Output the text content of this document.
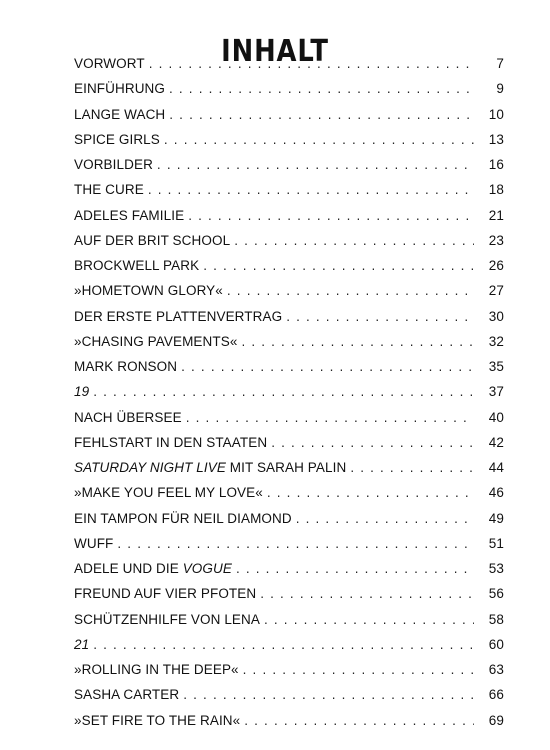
INHALT
VORWORT . . .	7
EINFÜHRUNG . . .	9
LANGE WACH . . .	10
SPICE GIRLS . . .	13
VORBILDER . . .	16
THE CURE . . .	18
ADELES FAMILIE . . .	21
AUF DER BRIT SCHOOL . . .	23
BROCKWELL PARK . . .	26
»HOMETOWN GLORY« . . .	27
DER ERSTE PLATTENVERTRAG . . .	30
»CHASING PAVEMENTS« . . .	32
MARK RONSON . . .	35
19 . . .	37
NACH ÜBERSEE . . .	40
FEHLSTART IN DEN STAATEN . . .	42
SATURDAY NIGHT LIVE MIT SARAH PALIN . . .	44
»MAKE YOU FEEL MY LOVE« . . .	46
EIN TAMPON FÜR NEIL DIAMOND . . .	49
WUFF . . .	51
ADELE UND DIE VOGUE . . .	53
FREUND AUF VIER PFOTEN . . .	56
SCHÜTZENHILFE VON LENA . . .	58
21 . . .	60
»ROLLING IN THE DEEP« . . .	63
SASHA CARTER . . .	66
»SET FIRE TO THE RAIN« . . .	69
